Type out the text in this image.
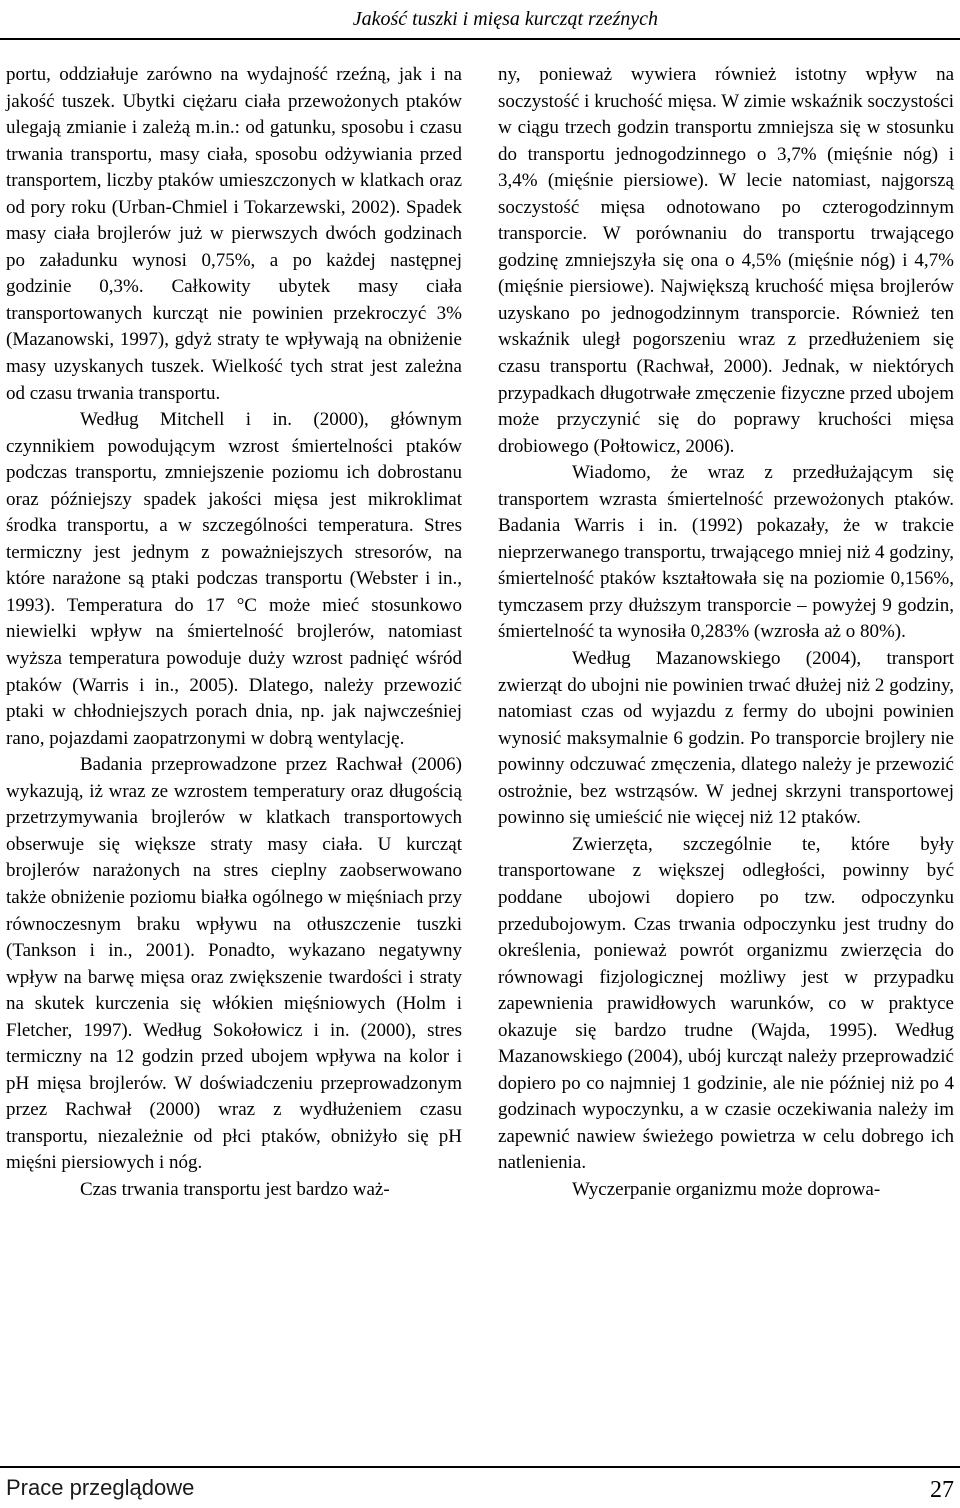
Jakość tuszki i mięsa kurcząt rzeźnych

portu, oddziałuje zarówno na wydajność rzeźną, jak i na jakość tuszek. Ubytki ciężaru ciała przewożonych ptaków ulegają zmianie i zależą m.in.: od gatunku, sposobu i czasu trwania transportu, masy ciała, sposobu odżywiania przed transportem, liczby ptaków umieszczonych w klatkach oraz od pory roku (Urban-Chmiel i Tokarzewski, 2002). Spadek masy ciała brojlerów już w pierwszych dwóch godzinach po załadunku wynosi 0,75%, a po każdej następnej godzinie 0,3%. Całkowity ubytek masy ciała transportowanych kurcząt nie powinien przekroczyć 3% (Mazanowski, 1997), gdyż straty te wpływają na obniżenie masy uzyskanych tuszek. Wielkość tych strat jest zależna od czasu trwania transportu.

Według Mitchell i in. (2000), głównym czynnikiem powodującym wzrost śmiertelności ptaków podczas transportu, zmniejszenie poziomu ich dobrostanu oraz późniejszy spadek jakości mięsa jest mikroklimat środka transportu, a w szczególności temperatura. Stres termiczny jest jednym z poważniejszych stresorów, na które narażone są ptaki podczas transportu (Webster i in., 1993). Temperatura do 17 °C może mieć stosunkowo niewielki wpływ na śmiertelność brojlerów, natomiast wyższa temperatura powoduje duży wzrost padnięć wśród ptaków (Warris i in., 2005). Dlatego, należy przewozić ptaki w chłodniejszych porach dnia, np. jak najwcześniej rano, pojazdami zaopatrzonymi w dobrą wentylację.

Badania przeprowadzone przez Rachwał (2006) wykazują, iż wraz ze wzrostem temperatury oraz długością przetrzymywania brojlerów w klatkach transportowych obserwuje się większe straty masy ciała. U kurcząt brojlerów narażonych na stres cieplny zaobserwowano także obniżenie poziomu białka ogólnego w mięśniach przy równoczesnym braku wpływu na otłuszczenie tuszki (Tankson i in., 2001). Ponadto, wykazano negatywny wpływ na barwę mięsa oraz zwiększenie twardości i straty na skutek kurczenia się włókien mięśniowych (Holm i Fletcher, 1997). Według Sokołowicz i in. (2000), stres termiczny na 12 godzin przed ubojem wpływa na kolor i pH mięsa brojlerów. W doświadczeniu przeprowadzonym przez Rachwał (2000) wraz z wydłużeniem czasu transportu, niezależnie od płci ptaków, obniżyło się pH mięśni piersiowych i nóg.

Czas trwania transportu jest bardzo waż-

ny, ponieważ wywiera również istotny wpływ na soczystość i kruchość mięsa. W zimie wskaźnik soczystości w ciągu trzech godzin transportu zmniejsza się w stosunku do transportu jednogodzinnego o 3,7% (mięśnie nóg) i 3,4% (mięśnie piersiowe). W lecie natomiast, najgorszą soczystość mięsa odnotowano po czterogodzinnym transporcie. W porównaniu do transportu trwającego godzinę zmniejszyła się ona o 4,5% (mięśnie nóg) i 4,7% (mięśnie piersiowe). Największą kruchość mięsa brojlerów uzyskano po jednogodzinnym transporcie. Również ten wskaźnik uległ pogorszeniu wraz z przedłużeniem się czasu transportu (Rachwał, 2000). Jednak, w niektórych przypadkach długotrwałe zmęczenie fizyczne przed ubojem może przyczynić się do poprawy kruchości mięsa drobiowego (Połtowicz, 2006).

Wiadomo, że wraz z przedłużającym się transportem wzrasta śmiertelność przewożonych ptaków. Badania Warris i in. (1992) pokazały, że w trakcie nieprzerwanego transportu, trwającego mniej niż 4 godziny, śmiertelność ptaków kształtowała się na poziomie 0,156%, tymczasem przy dłuższym transporcie – powyżej 9 godzin, śmiertelność ta wynosiła 0,283% (wzrosła aż o 80%).

Według Mazanowskiego (2004), transport zwierząt do ubojni nie powinien trwać dłużej niż 2 godziny, natomiast czas od wyjazdu z fermy do ubojni powinien wynosić maksymalnie 6 godzin. Po transporcie brojlery nie powinny odczuwać zmęczenia, dlatego należy je przewozić ostrożnie, bez wstrząsów. W jednej skrzyni transportowej powinno się umieścić nie więcej niż 12 ptaków.

Zwierzęta, szczególnie te, które były transportowane z większej odległości, powinny być poddane ubojowi dopiero po tzw. odpoczynku przedubojowym. Czas trwania odpoczynku jest trudny do określenia, ponieważ powrót organizmu zwierzęcia do równowagi fizjologicznej możliwy jest w przypadku zapewnienia prawidłowych warunków, co w praktyce okazuje się bardzo trudne (Wajda, 1995). Według Mazanowskiego (2004), ubój kurcząt należy przeprowadzić dopiero po co najmniej 1 godzinie, ale nie później niż po 4 godzinach wypoczynku, a w czasie oczekiwania należy im zapewnić nawiew świeżego powietrza w celu dobrego ich natlenienia.

Wyczerpanie organizmu może doprowa-

Prace przeglądowe	27
